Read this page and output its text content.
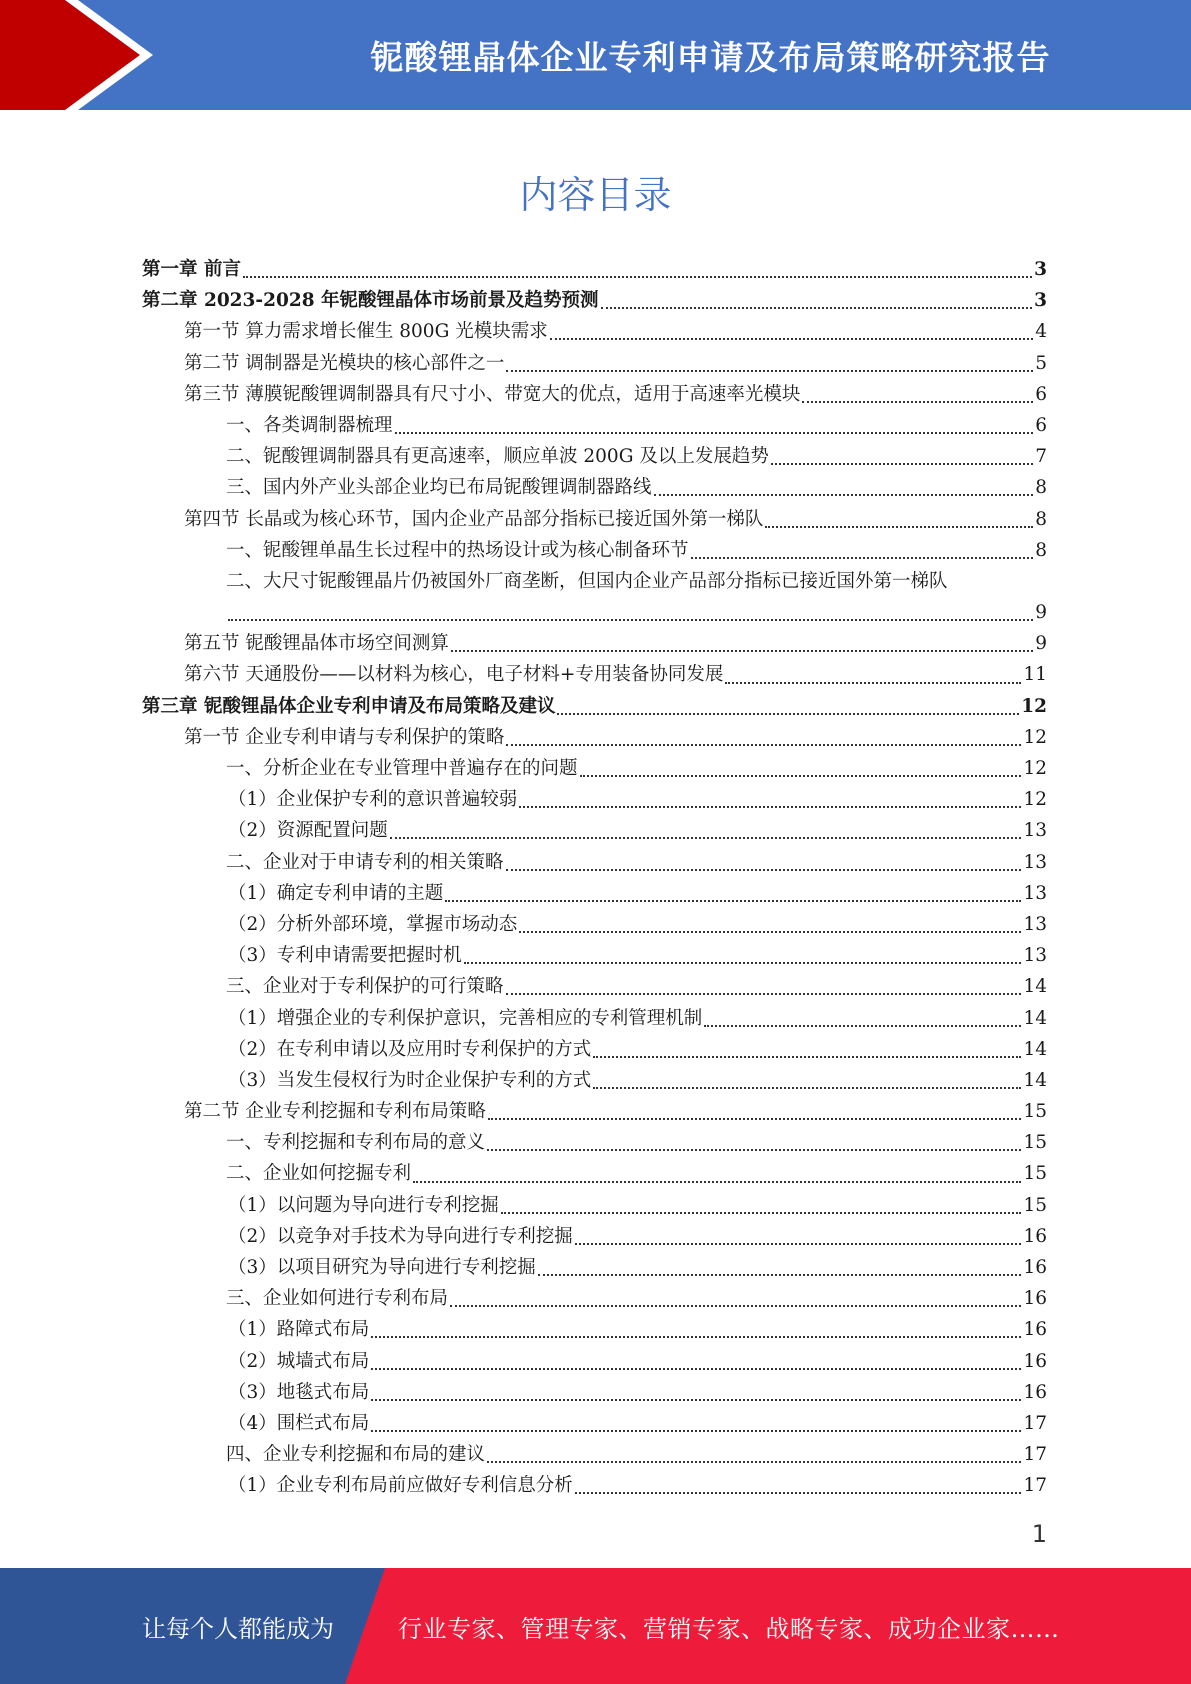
铌酸锂晶体企业专利申请及布局策略研究报告
内容目录
第一章 前言	3
第二章 2023-2028 年铌酸锂晶体市场前景及趋势预测	3
第一节 算力需求增长催生 800G 光模块需求	4
第二节 调制器是光模块的核心部件之一	5
第三节 薄膜铌酸锂调制器具有尺寸小、带宽大的优点，适用于高速率光模块	6
一、各类调制器梳理	6
二、铌酸锂调制器具有更高速率，顺应单波 200G 及以上发展趋势	7
三、国内外产业头部企业均已布局铌酸锂调制器路线	8
第四节 长晶或为核心环节，国内企业产品部分指标已接近国外第一梯队	8
一、铌酸锂单晶生长过程中的热场设计或为核心制备环节	8
二、大尺寸铌酸锂晶片仍被国外厂商垄断，但国内企业产品部分指标已接近国外第一梯队
9
第五节 铌酸锂晶体市场空间测算	9
第六节 天通股份——以材料为核心，电子材料+专用装备协同发展	11
第三章 铌酸锂晶体企业专利申请及布局策略及建议	12
第一节 企业专利申请与专利保护的策略	12
一、分析企业在专业管理中普遍存在的问题	12
（1）企业保护专利的意识普遍较弱	12
（2）资源配置问题	13
二、企业对于申请专利的相关策略	13
（1）确定专利申请的主题	13
（2）分析外部环境，掌握市场动态	13
（3）专利申请需要把握时机	13
三、企业对于专利保护的可行策略	14
（1）增强企业的专利保护意识，完善相应的专利管理机制	14
（2）在专利申请以及应用时专利保护的方式	14
（3）当发生侵权行为时企业保护专利的方式	14
第二节 企业专利挖掘和专利布局策略	15
一、专利挖掘和专利布局的意义	15
二、企业如何挖掘专利	15
（1）以问题为导向进行专利挖掘	15
（2）以竞争对手技术为导向进行专利挖掘	16
（3）以项目研究为导向进行专利挖掘	16
三、企业如何进行专利布局	16
（1）路障式布局	16
（2）城墙式布局	16
（3）地毯式布局	16
（4）围栏式布局	17
四、企业专利挖掘和布局的建议	17
（1）企业专利布局前应做好专利信息分析	17
1
让每个人都能成为	行业专家、管理专家、营销专家、战略专家、成功企业家……
